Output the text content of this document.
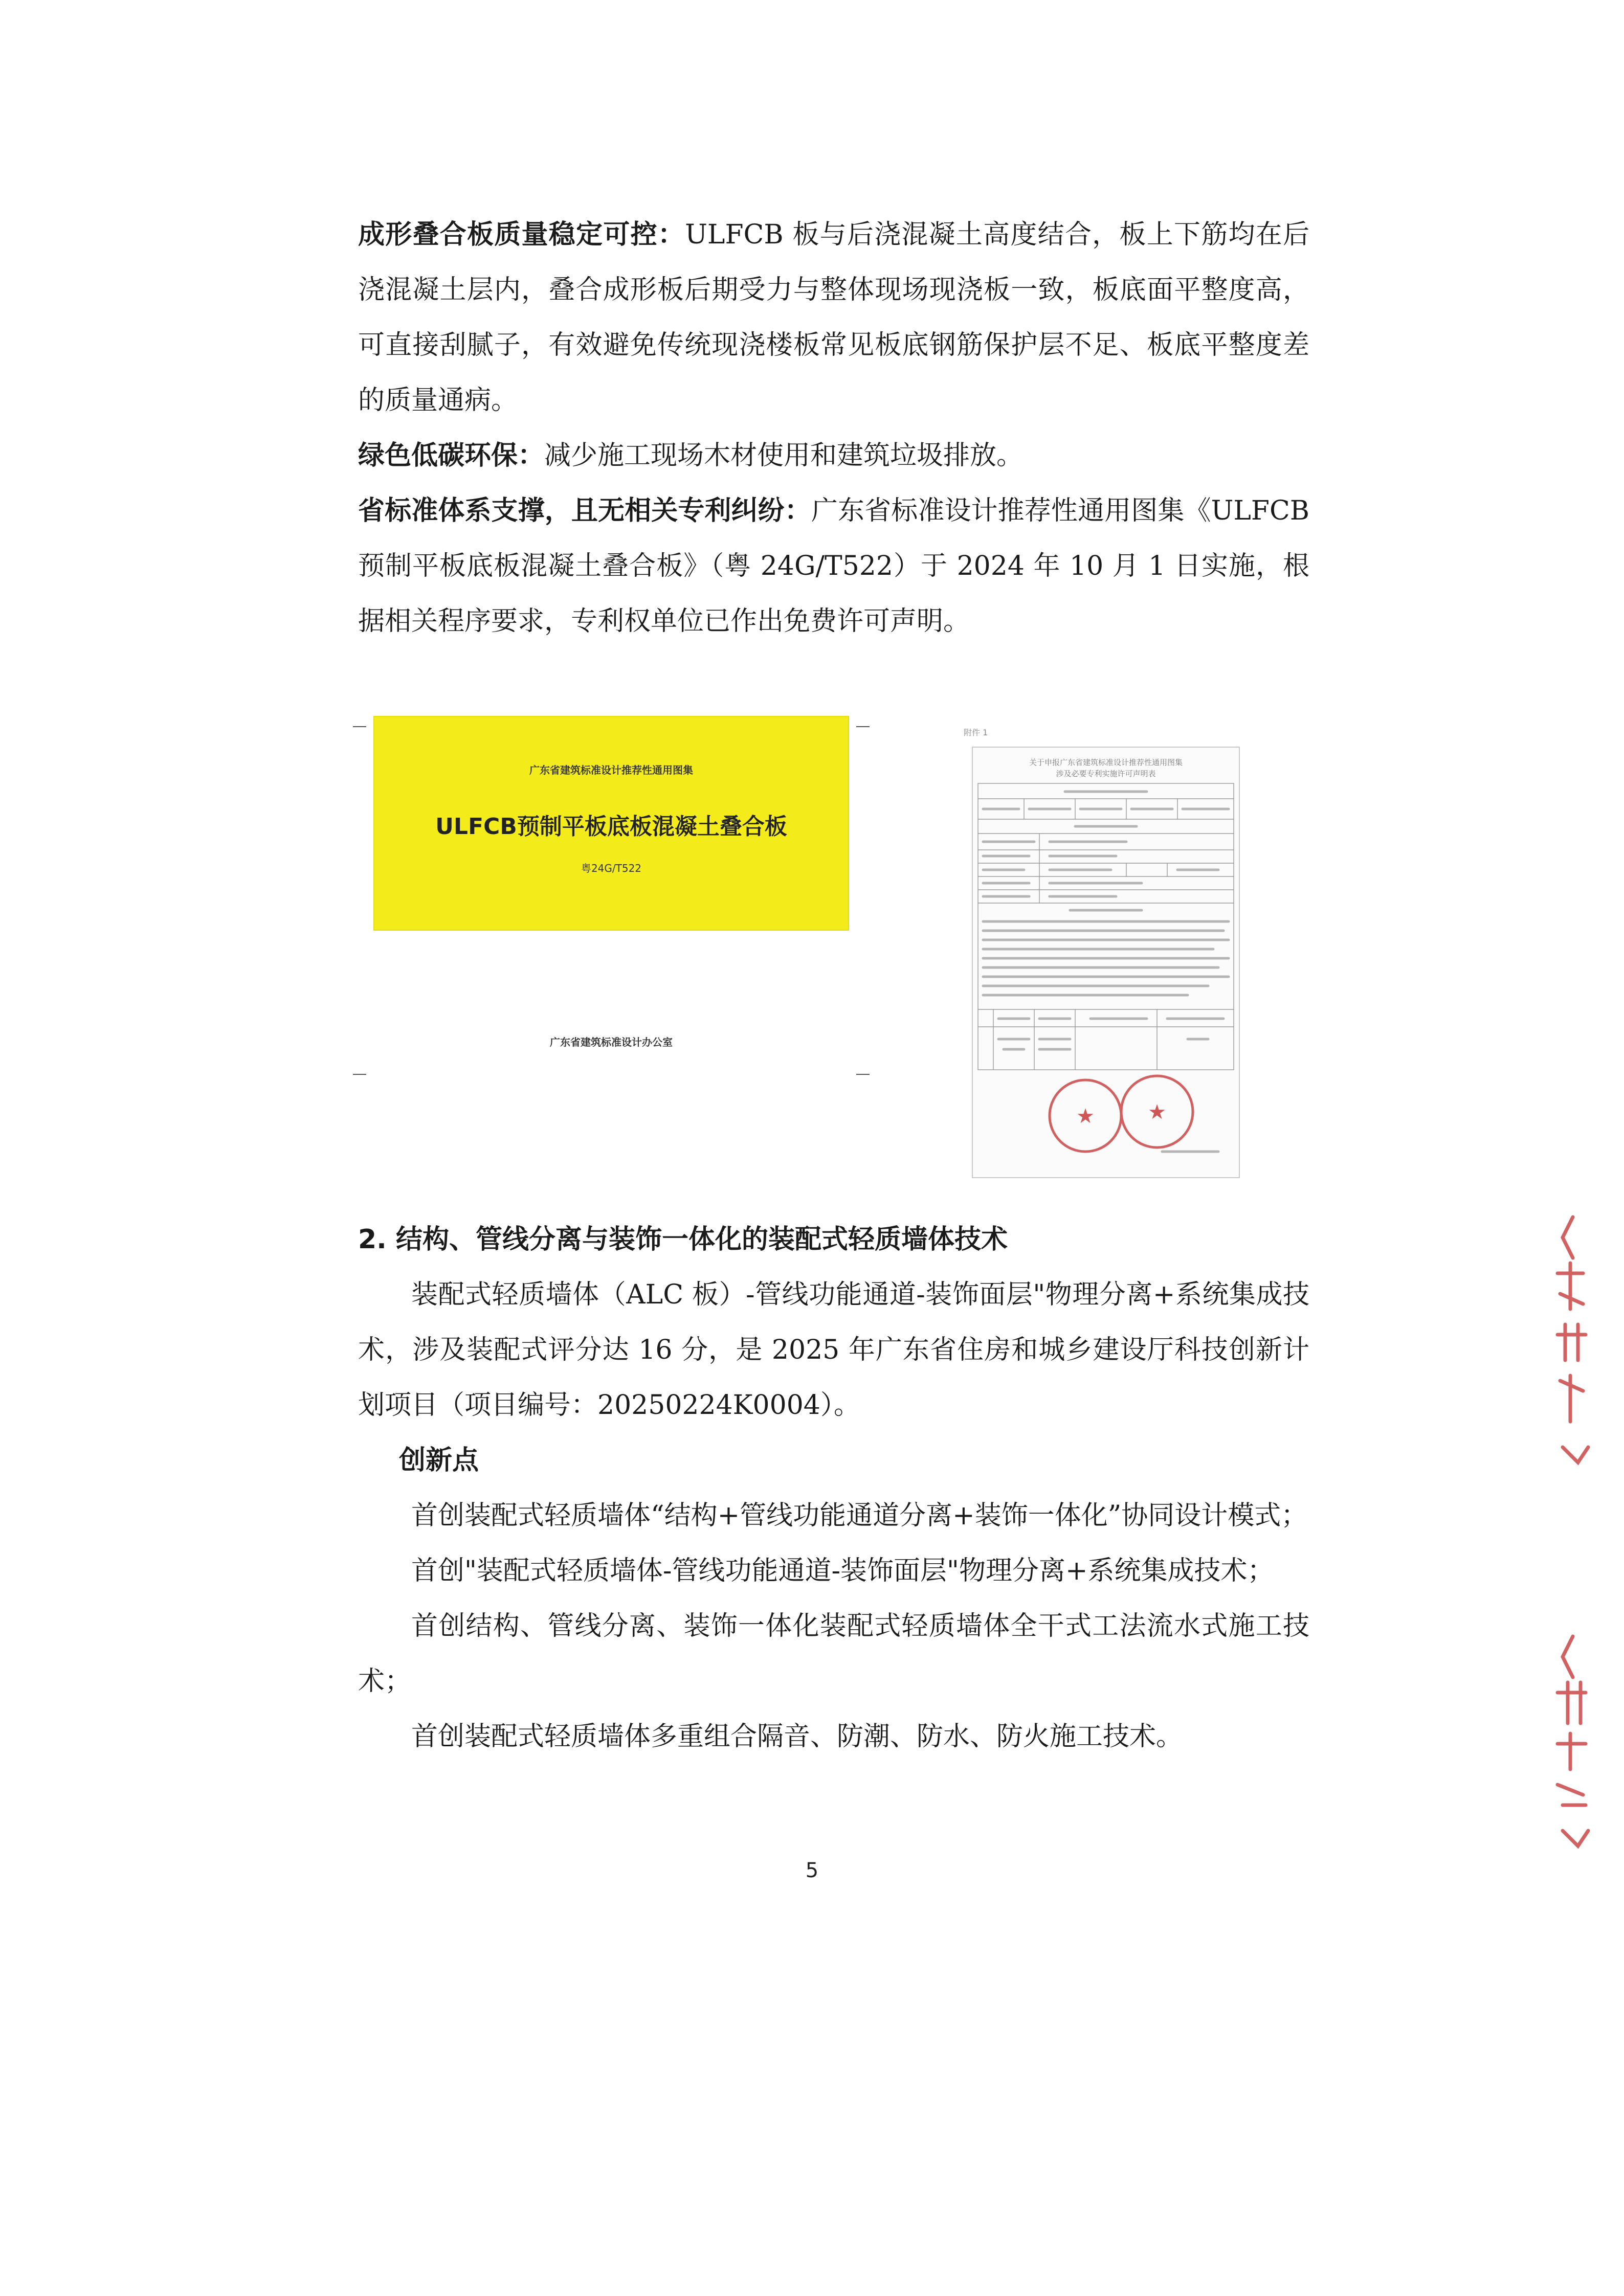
成形叠合板质量稳定可控：ULFCB 板与后浇混凝土高度结合，板上下筋均在后浇混凝土层内，叠合成形板后期受力与整体现场现浇板一致，板底面平整度高，可直接刮腻子，有效避免传统现浇楼板常见板底钢筋保护层不足、板底平整度差的质量通病。

绿色低碳环保：减少施工现场木材使用和建筑垃圾排放。

省标准体系支撑，且无相关专利纠纷：广东省标准设计推荐性通用图集《ULFCB 预制平板底板混凝土叠合板》（粤 24G/T522）于 2024 年 10 月 1 日实施，根据相关程序要求，专利权单位已作出免费许可声明。

广东省建筑标准设计推荐性通用图集
ULFCB预制平板底板混凝土叠合板
粤24G/T522
广东省建筑标准设计办公室
附件 1
关于申报广东省建筑标准设计推荐性通用图集
涉及必要专利实施许可声明表
★	★

2. 结构、管线分离与装饰一体化的装配式轻质墙体技术

装配式轻质墙体（ALC 板）-管线功能通道-装饰面层"物理分离+系统集成技术，涉及装配式评分达 16 分，是 2025 年广东省住房和城乡建设厅科技创新计划项目（项目编号：20250224K0004）。

创新点

首创装配式轻质墙体“结构+管线功能通道分离+装饰一体化”协同设计模式；

首创"装配式轻质墙体-管线功能通道-装饰面层"物理分离+系统集成技术；

首创结构、管线分离、装饰一体化装配式轻质墙体全干式工法流水式施工技术；

首创装配式轻质墙体多重组合隔音、防潮、防水、防火施工技术。

5
